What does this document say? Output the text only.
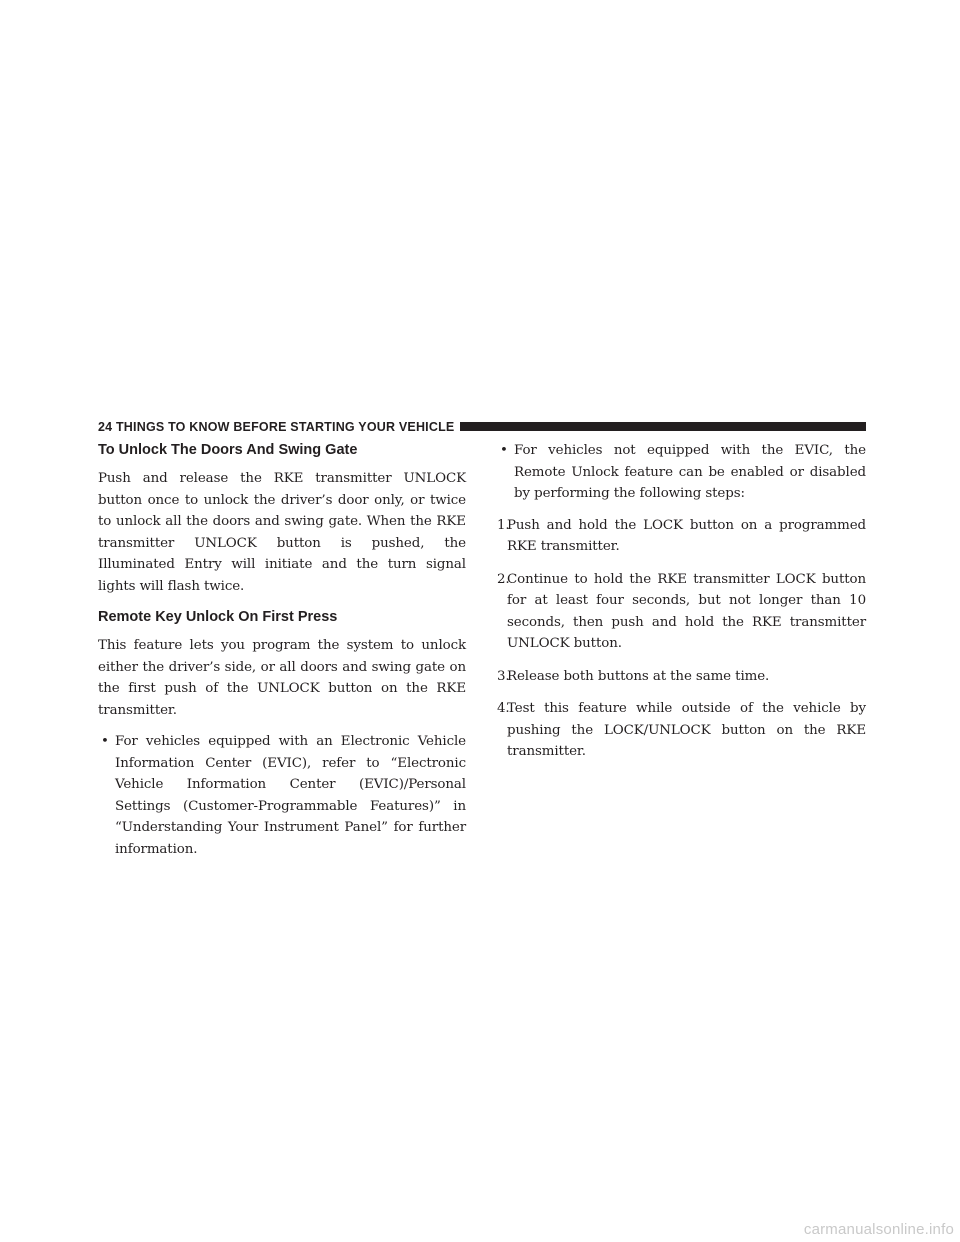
24 THINGS TO KNOW BEFORE STARTING YOUR VEHICLE
To Unlock The Doors And Swing Gate

Push and release the RKE transmitter UNLOCK button once to unlock the driver’s door only, or twice to unlock all the doors and swing gate. When the RKE transmitter UNLOCK button is pushed, the Illuminated Entry will initiate and the turn signal lights will flash twice.

Remote Key Unlock On First Press

This feature lets you program the system to unlock either the driver’s side, or all doors and swing gate on the first push of the UNLOCK button on the RKE transmitter.

• For vehicles equipped with an Electronic Vehicle Information Center (EVIC), refer to “Electronic Vehicle Information Center (EVIC)/Personal Settings (Customer-Programmable Features)” in “Understanding Your Instrument Panel” for further information.
• For vehicles not equipped with the EVIC, the Remote Unlock feature can be enabled or disabled by performing the following steps:
1.
Push and hold the LOCK button on a programmed RKE transmitter.
2.
Continue to hold the RKE transmitter LOCK button for at least four seconds, but not longer than 10 seconds, then push and hold the RKE transmitter UNLOCK button.
3.
Release both buttons at the same time.
4.
Test this feature while outside of the vehicle by pushing the LOCK/UNLOCK button on the RKE transmitter.
carmanualsonline.info
